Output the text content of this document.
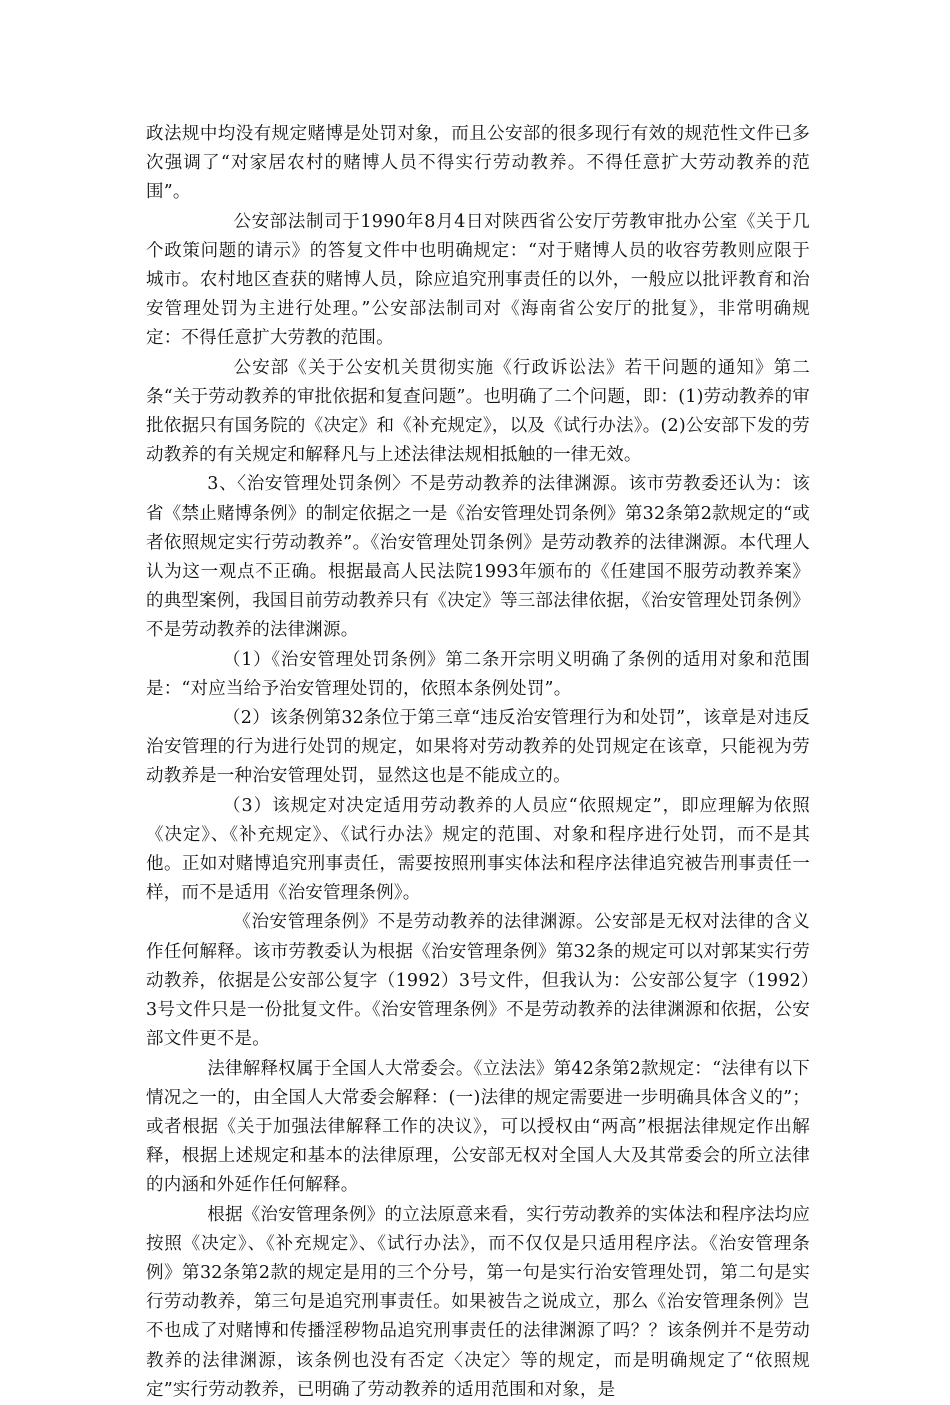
政法规中均没有规定赌博是处罚对象，而且公安部的很多现行有效的规范性文件已多次强调了“对家居农村的赌博人员不得实行劳动教养。不得任意扩大劳动教养的范围”。

公安部法制司于1990年8月4日对陕西省公安厅劳教审批办公室《关于几个政策问题的请示》的答复文件中也明确规定：“对于赌博人员的收容劳教则应限于城市。农村地区查获的赌博人员，除应追究刑事责任的以外，一般应以批评教育和治安管理处罚为主进行处理。”公安部法制司对《海南省公安厅的批复》，非常明确规定：不得任意扩大劳教的范围。

公安部《关于公安机关贯彻实施《行政诉讼法》若干问题的通知》第二条“关于劳动教养的审批依据和复查问题”。也明确了二个问题，即：(1)劳动教养的审批依据只有国务院的《决定》和《补充规定》，以及《试行办法》。(2)公安部下发的劳动教养的有关规定和解释凡与上述法律法规相抵触的一律无效。

3、〈治安管理处罚条例〉不是劳动教养的法律渊源。该市劳教委还认为：该省《禁止赌博条例》的制定依据之一是《治安管理处罚条例》第32条第2款规定的“或者依照规定实行劳动教养”。《治安管理处罚条例》是劳动教养的法律渊源。本代理人认为这一观点不正确。根据最高人民法院1993年颁布的《任建国不服劳动教养案》的典型案例，我国目前劳动教养只有《决定》等三部法律依据，《治安管理处罚条例》不是劳动教养的法律渊源。

（1）《治安管理处罚条例》第二条开宗明义明确了条例的适用对象和范围是：“对应当给予治安管理处罚的，依照本条例处罚”。

（2）该条例第32条位于第三章“违反治安管理行为和处罚”，该章是对违反治安管理的行为进行处罚的规定，如果将对劳动教养的处罚规定在该章，只能视为劳动教养是一种治安管理处罚，显然这也是不能成立的。

（3）该规定对决定适用劳动教养的人员应“依照规定”，即应理解为依照《决定》、《补充规定》、《试行办法》规定的范围、对象和程序进行处罚，而不是其他。正如对赌博追究刑事责任，需要按照刑事实体法和程序法律追究被告刑事责任一样，而不是适用《治安管理条例》。

《治安管理条例》不是劳动教养的法律渊源。公安部是无权对法律的含义作任何解释。该市劳教委认为根据《治安管理条例》第32条的规定可以对郭某实行劳动教养，依据是公安部公复字（1992）3号文件，但我认为：公安部公复字（1992）3号文件只是一份批复文件。《治安管理条例》不是劳动教养的法律渊源和依据，公安部文件更不是。

法律解释权属于全国人大常委会。《立法法》第42条第2款规定：“法律有以下情况之一的，由全国人大常委会解释：(一)法律的规定需要进一步明确具体含义的”；或者根据《关于加强法律解释工作的决议》，可以授权由“两高”根据法律规定作出解释，根据上述规定和基本的法律原理，公安部无权对全国人大及其常委会的所立法律的内涵和外延作任何解释。

根据《治安管理条例》的立法原意来看，实行劳动教养的实体法和程序法均应按照《决定》、《补充规定》、《试行办法》，而不仅仅是只适用程序法。《治安管理条例》第32条第2款的规定是用的三个分号，第一句是实行治安管理处罚，第二句是实行劳动教养，第三句是追究刑事责任。如果被告之说成立，那么《治安管理条例》岂不也成了对赌博和传播淫秽物品追究刑事责任的法律渊源了吗？？该条例并不是劳动教养的法律渊源，该条例也没有否定〈决定〉等的规定，而是明确规定了“依照规定”实行劳动教养，已明确了劳动教养的适用范围和对象，是
